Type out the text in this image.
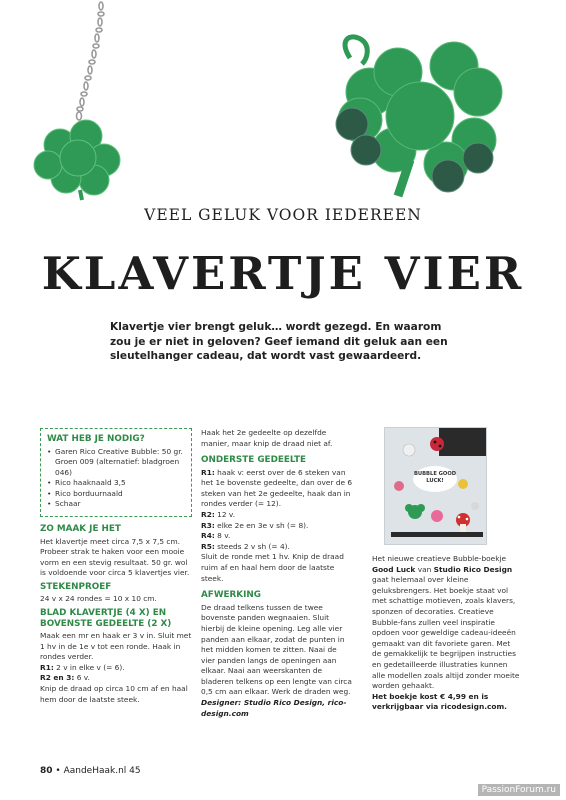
VEEL GELUK VOOR IEDEREEN
KLAVERTJE VIER

Klavertje vier brengt geluk… wordt gezegd. En waarom zou je er niet in geloven? Geef iemand dit geluk aan een sleutelhanger cadeau, dat wordt vast gewaardeerd.

WAT HEB JE NODIG?
• Garen Rico Creative Bubble: 50 gr. Groen 009 (alternatief: bladgroen 046)
• Rico haaknaald 3,5
• Rico borduurnaald
• Schaar
ZO MAAK JE HET

Het klavertje meet circa 7,5 x 7,5 cm. Probeer strak te haken voor een mooie vorm en een stevig resultaat. 50 gr. wol is voldoende voor circa 5 klavertjes vier.

STEKENPROEF

24 v x 24 rondes = 10 x 10 cm.

BLAD KLAVERTJE (4 X) EN BOVENSTE GEDEELTE (2 X)

Maak een mr en haak er 3 v in. Sluit met 1 hv in de 1e v tot een ronde. Haak in rondes verder.

R1: 2 v in elke v (= 6).

R2 en 3: 6 v.

Knip de draad op circa 10 cm af en haal hem door de laatste steek.

Haak het 2e gedeelte op dezelfde manier, maar knip de draad niet af.

ONDERSTE GEDEELTE

R1: haak v: eerst over de 6 steken van het 1e bovenste gedeelte, dan over de 6 steken van het 2e gedeelte, haak dan in rondes verder (= 12).

R2: 12 v.

R3: elke 2e en 3e v sh (= 8).

R4: 8 v.

R5: steeds 2 v sh (= 4).

Sluit de ronde met 1 hv. Knip de draad ruim af en haal hem door de laatste steek.

AFWERKING

De draad telkens tussen de twee bovenste panden wegnaaien. Sluit hierbij de kleine opening. Leg alle vier panden aan elkaar, zodat de punten in het midden komen te zitten. Naai de vier panden langs de openingen aan elkaar. Naai aan weerskanten de bladeren telkens op een lengte van circa 0,5 cm aan elkaar. Werk de draden weg.

Designer: Studio Rico Design, rico-design.com

BUBBLE GOOD LUCK!

Het nieuwe creatieve Bubble-boekje Good Luck van Studio Rico Design gaat helemaal over kleine geluksbrengers. Het boekje staat vol met schattige motieven, zoals klavers, sponzen of decoraties. Creatieve Bubble-fans zullen veel inspiratie opdoen voor geweldige cadeau-ideeën gemaakt van dit favoriete garen. Met de gemakkelijk te begrijpen instructies en gedetailleerde illustraties kunnen alle modellen zoals altijd zonder moeite worden gehaakt.

Het boekje kost € 4,99 en is verkrijgbaar via ricodesign.com.

80 • AandeHaak.nl 45
PassionForum.ru
